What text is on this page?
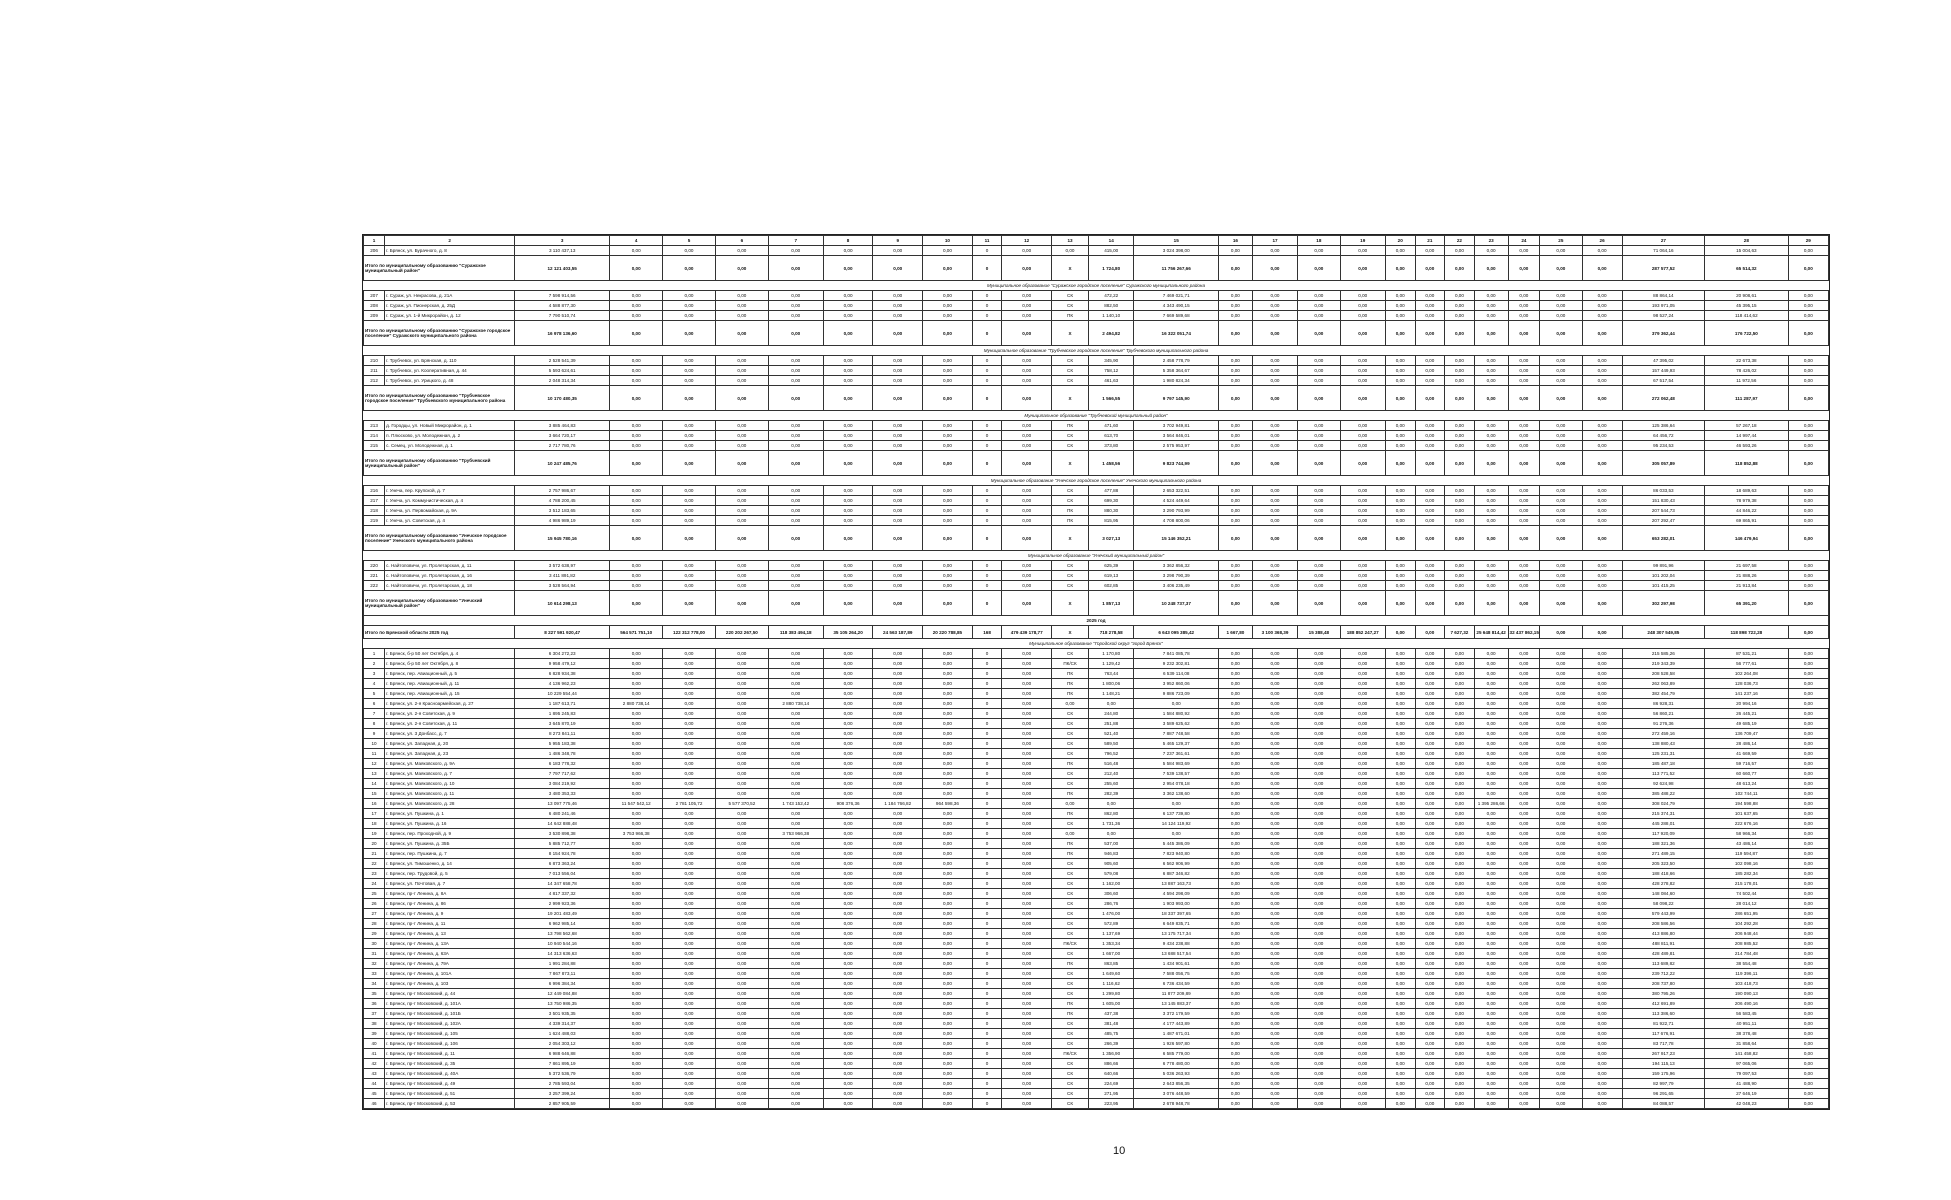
1	2	3	4	5	6	7	8	9	10	11	12	13	14	15	16	17	18	19	20	21	22	23	24	25	26	27	28	29
206	г. Брянск, ул. Бурачного, д. 8	3 110 437,13	0,00	0,00	0,00	0,00	0,00	0,00	0,00	0	0,00	0,00	415,00	3 024 398,00	0,00	0,00	0,00	0,00	0,00	0,00	0,00	0,00	0,00	0,00	0,00	71 064,16	15 004,63	0,00
Итого по муниципальному образованию "Суражское муниципальный район"		12 121 403,55	0,00	0,00	0,00	0,00	0,00	0,00	0,00	0	0,00	Х	1 724,80	11 756 267,66	0,00	0,00	0,00	0,00	0,00	0,00	0,00	0,00	0,00	0,00	0,00	287 577,52	65 514,32	0,00
Муниципальное образование "Суражское городское поселение" Суражского муниципального района																												
207	г. Сураж, ул. Некрасова, д. 21А	7 598 914,56	0,00	0,00	0,00	0,00	0,00	0,00	0,00	0	0,00	СК	472,22	7 469 021,71	0,00	0,00	0,00	0,00	0,00	0,00	0,00	0,00	0,00	0,00	0,00	88 864,14	20 908,61	0,00
208	г. Сураж, ул. Пионерская, д. 25Д	4 588 877,30	0,00	0,00	0,00	0,00	0,00	0,00	0,00	0	0,00	СК	882,50	4 343 490,15	0,00	0,00	0,00	0,00	0,00	0,00	0,00	0,00	0,00	0,00	0,00	193 971,05	45 395,15	0,00
209	г. Сураж, ул. 1-й Микрорайон, д. 12	7 790 510,74	0,00	0,00	0,00	0,00	0,00	0,00	0,00	0	0,00	ПК	1 140,10	7 669 589,68	0,00	0,00	0,00	0,00	0,00	0,00	0,00	0,00	0,00	0,00	0,00	98 527,24	118 414,62	0,00
Итого по муниципальному образованию "Суражское городское поселение" Суражского муниципального района		16 978 136,60	0,00	0,00	0,00	0,00	0,00	0,00	0,00	0	0,00	Х	2 494,82	16 322 051,74	0,00	0,00	0,00	0,00	0,00	0,00	0,00	0,00	0,00	0,00	0,00	379 362,44	176 722,50	0,00
Муниципальное образование "Трубчевское городское поселение" Трубчевского муниципального района																												
210	г. Трубчевск, ул. Брянская, д. 110	2 528 541,39	0,00	0,00	0,00	0,00	0,00	0,00	0,00	0	0,00	СК	345,90	2 458 778,79	0,00	0,00	0,00	0,00	0,00	0,00	0,00	0,00	0,00	0,00	0,00	47 395,02	22 673,38	0,00
211	г. Трубчевск, ул. Кооперативная, д. 44	5 593 624,61	0,00	0,00	0,00	0,00	0,00	0,00	0,00	0	0,00	СК	758,12	5 358 364,67	0,00	0,00	0,00	0,00	0,00	0,00	0,00	0,00	0,00	0,00	0,00	157 449,93	78 426,02	0,00
212	г. Трубчевск, ул. Урицкого, д. 48	2 048 314,34	0,00	0,00	0,00	0,00	0,00	0,00	0,00	0	0,00	СК	461,63	1 980 824,34	0,00	0,00	0,00	0,00	0,00	0,00	0,00	0,00	0,00	0,00	0,00	67 517,54	11 972,56	0,00
Итого по муниципальному образованию "Трубчевское городское поселение" Трубчевского муниципального района		10 170 480,35	0,00	0,00	0,00	0,00	0,00	0,00	0,00	0	0,00	Х	1 566,55	9 797 145,90	0,00	0,00	0,00	0,00	0,00	0,00	0,00	0,00	0,00	0,00	0,00	272 062,48	111 287,97	0,00
Муниципальное образование "Трубчевский муниципальный район"																												
213	д. Городцы, ул. Новый Микрорайон, д. 1	3 885 464,83	0,00	0,00	0,00	0,00	0,00	0,00	0,00	0	0,00	ПК	471,60	3 702 949,81	0,00	0,00	0,00	0,00	0,00	0,00	0,00	0,00	0,00	0,00	0,00	125 386,64	57 267,18	0,00
214	п. Плюсково, ул. Молодежная, д. 2	3 664 720,17	0,00	0,00	0,00	0,00	0,00	0,00	0,00	0	0,00	СК	613,70	3 564 846,01	0,00	0,00	0,00	0,00	0,00	0,00	0,00	0,00	0,00	0,00	0,00	64 456,72	14 997,44	0,00
215	с. Семец, ул. Молодежная, д. 1	2 717 780,76	0,00	0,00	0,00	0,00	0,00	0,00	0,00	0	0,00	СК	373,80	2 575 953,97	0,00	0,00	0,00	0,00	0,00	0,00	0,00	0,00	0,00	0,00	0,00	95 234,53	46 593,26	0,00
Итого по муниципальному образованию "Трубчевский муниципальный район"		10 247 485,76	0,00	0,00	0,00	0,00	0,00	0,00	0,00	0	0,00	Х	1 458,56	9 823 744,99	0,00	0,00	0,00	0,00	0,00	0,00	0,00	0,00	0,00	0,00	0,00	305 057,89	118 852,88	0,00
Муниципальное образование "Унечское городское поселение" Унечского муниципального района																												
216	г. Унеча, пер. Крупской, д. 7	2 757 986,67	0,00	0,00	0,00	0,00	0,00	0,00	0,00	0	0,00	СК	477,88	2 653 322,51	0,00	0,00	0,00	0,00	0,00	0,00	0,00	0,00	0,00	0,00	0,00	86 033,53	18 689,63	0,00
217	г. Унеча, ул. Коммунистическая, д. 4	4 788 200,45	0,00	0,00	0,00	0,00	0,00	0,00	0,00	0	0,00	СК	699,30	4 524 449,64	0,00	0,00	0,00	0,00	0,00	0,00	0,00	0,00	0,00	0,00	0,00	151 830,43	78 979,38	0,00
218	г. Унеча, ул. Первомайская, д. 9А	3 512 183,65	0,00	0,00	0,00	0,00	0,00	0,00	0,00	0	0,00	ПК	880,30	3 290 793,99	0,00	0,00	0,00	0,00	0,00	0,00	0,00	0,00	0,00	0,00	0,00	207 544,73	44 846,22	0,00
219	г. Унеча, ул. Советская, д. 4	4 986 989,19	0,00	0,00	0,00	0,00	0,00	0,00	0,00	0	0,00	ПК	815,95	4 708 800,06	0,00	0,00	0,00	0,00	0,00	0,00	0,00	0,00	0,00	0,00	0,00	207 292,47	69 865,91	0,00
Итого по муниципальному образованию "Унечское городское поселение" Унечского муниципального района		15 945 780,16	0,00	0,00	0,00	0,00	0,00	0,00	0,00	0	0,00	Х	3 027,13	15 146 352,21	0,00	0,00	0,00	0,00	0,00	0,00	0,00	0,00	0,00	0,00	0,00	653 282,01	146 479,94	0,00
Муниципальное образование "Унечский муниципальный район"																												
220	с. Найтоповичи, ул. Пролетарская, д. 11	3 572 638,97	0,00	0,00	0,00	0,00	0,00	0,00	0,00	0	0,00	СК	625,39	3 362 856,32	0,00	0,00	0,00	0,00	0,00	0,00	0,00	0,00	0,00	0,00	0,00	99 891,96	21 697,58	0,00
221	с. Найтоповичи, ул. Пролетарская, д. 16	3 411 891,82	0,00	0,00	0,00	0,00	0,00	0,00	0,00	0	0,00	СК	619,13	3 298 790,39	0,00	0,00	0,00	0,00	0,00	0,00	0,00	0,00	0,00	0,00	0,00	101 202,04	21 888,26	0,00
222	с. Найтоповичи, ул. Пролетарская, д. 18	3 528 564,94	0,00	0,00	0,00	0,00	0,00	0,00	0,00	0	0,00	СК	602,85	3 406 235,49	0,00	0,00	0,00	0,00	0,00	0,00	0,00	0,00	0,00	0,00	0,00	101 415,25	21 913,84	0,00
Итого по муниципальному образованию "Унечский муниципальный район"		10 614 298,13	0,00	0,00	0,00	0,00	0,00	0,00	0,00	0	0,00	Х	1 857,13	10 248 737,37	0,00	0,00	0,00	0,00	0,00	0,00	0,00	0,00	0,00	0,00	0,00	302 297,98	65 391,20	0,00
2025 год																												
Итого по Брянской области 2025 год		8 227 591 920,47	564 571 751,10	122 312 778,00	220 202 267,50	118 383 494,18	35 105 264,20	24 563 187,89	20 220 788,85	168	479 439 178,77	Х	718 278,58	6 643 095 385,42	1 667,80	3 100 368,39	15 388,48	188 852 247,27	0,00	0,00	7 627,32	25 648 814,42	32 437 862,15	0,00	0,00	248 307 549,85	118 898 722,28	0,00
Муниципальное образование "Городской округ "город Брянск"																												
1	г. Брянск, б-р 50 лет Октября, д. 4	6 304 272,23	0,00	0,00	0,00	0,00	0,00	0,00	0,00	0	0,00	СК	1 170,80	7 841 085,78	0,00	0,00	0,00	0,00	0,00	0,00	0,00	0,00	0,00	0,00	0,00	215 585,26	87 531,21	0,00
2	г. Брянск, б-р 50 лет Октября, д. 8	9 958 479,12	0,00	0,00	0,00	0,00	0,00	0,00	0,00	0	0,00	ПК/СК	1 129,42	9 232 302,81	0,00	0,00	0,00	0,00	0,00	0,00	0,00	0,00	0,00	0,00	0,00	219 343,39	56 777,61	0,00
3	г. Брянск, пер. Авиационный, д. 5	6 828 934,38	0,00	0,00	0,00	0,00	0,00	0,00	0,00	0	0,00	ПК	763,44	6 539 114,08	0,00	0,00	0,00	0,00	0,00	0,00	0,00	0,00	0,00	0,00	0,00	208 528,58	102 264,08	0,00
4	г. Брянск, пер. Авиационный, д. 11	4 136 962,23	0,00	0,00	0,00	0,00	0,00	0,00	0,00	0	0,00	ПК	1 800,06	3 952 860,06	0,00	0,00	0,00	0,00	0,00	0,00	0,00	0,00	0,00	0,00	0,00	262 063,89	128 036,73	0,00
5	г. Брянск, пер. Авиационный, д. 15	10 229 554,44	0,00	0,00	0,00	0,00	0,00	0,00	0,00	0	0,00	ПК	1 148,21	9 886 723,09	0,00	0,00	0,00	0,00	0,00	0,00	0,00	0,00	0,00	0,00	0,00	382 454,79	141 237,16	0,00
6	г. Брянск, ул. 2-я Красноармейская, д. 27	1 187 613,71	2 880 738,14	0,00	0,00	2 880 738,14	0,00	0,00	0,00	0	0,00	0,00	0,00	0,00	0,00	0,00	0,00	0,00	0,00	0,00	0,00	0,00	0,00	0,00	0,00	86 928,31	20 994,16	0,00
7	г. Брянск, ул. 2-я Советская, д. 9	1 895 245,83	0,00	0,00	0,00	0,00	0,00	0,00	0,00	0	0,00	СК	244,80	1 584 880,92	0,00	0,00	0,00	0,00	0,00	0,00	0,00	0,00	0,00	0,00	0,00	56 860,21	26 445,21	0,00
8	г. Брянск, ул. 2-я Советская, д. 11	3 645 870,19	0,00	0,00	0,00	0,00	0,00	0,00	0,00	0	0,00	СК	251,88	3 589 625,62	0,00	0,00	0,00	0,00	0,00	0,00	0,00	0,00	0,00	0,00	0,00	91 276,36	49 685,19	0,00
9	г. Брянск, ул. 3 Донбасс, д. 7	8 273 841,11	0,00	0,00	0,00	0,00	0,00	0,00	0,00	0	0,00	СК	521,40	7 887 748,58	0,00	0,00	0,00	0,00	0,00	0,00	0,00	0,00	0,00	0,00	0,00	272 459,16	136 709,47	0,00
10	г. Брянск, ул. Западная, д. 20	5 955 183,38	0,00	0,00	0,00	0,00	0,00	0,00	0,00	0	0,00	СК	589,50	5 465 129,37	0,00	0,00	0,00	0,00	0,00	0,00	0,00	0,00	0,00	0,00	0,00	138 880,43	28 486,14	0,00
11	г. Брянск, ул. Западная, д. 23	1 486 348,78	0,00	0,00	0,00	0,00	0,00	0,00	0,00	0	0,00	СК	796,52	7 237 361,61	0,00	0,00	0,00	0,00	0,00	0,00	0,00	0,00	0,00	0,00	0,00	125 231,31	41 669,59	0,00
12	г. Брянск, ул. Маяковского, д. 9А	6 183 778,32	0,00	0,00	0,00	0,00	0,00	0,00	0,00	0	0,00	ПК	516,48	5 584 983,69	0,00	0,00	0,00	0,00	0,00	0,00	0,00	0,00	0,00	0,00	0,00	185 487,18	59 716,57	0,00
13	г. Брянск, ул. Маяковского, д. 7	7 797 717,62	0,00	0,00	0,00	0,00	0,00	0,00	0,00	0	0,00	СК	212,40	7 539 138,57	0,00	0,00	0,00	0,00	0,00	0,00	0,00	0,00	0,00	0,00	0,00	113 771,52	60 660,77	0,00
14	г. Брянск, ул. Маяковского, д. 10	3 084 219,92	0,00	0,00	0,00	0,00	0,00	0,00	0,00	0	0,00	СК	255,60	2 954 078,18	0,00	0,00	0,00	0,00	0,00	0,00	0,00	0,00	0,00	0,00	0,00	92 624,98	48 613,24	0,00
15	г. Брянск, ул. Маяковского, д. 11	3 480 353,33	0,00	0,00	0,00	0,00	0,00	0,00	0,00	0	0,00	ПК	282,39	3 362 138,60	0,00	0,00	0,00	0,00	0,00	0,00	0,00	0,00	0,00	0,00	0,00	385 488,22	102 744,11	0,00
16	г. Брянск, ул. Маяковского, д. 28	13 097 775,46	11 547 542,12	2 781 105,72	5 577 370,52	1 743 152,42	908 376,36	1 184 766,82	964 598,36	0	0,00	0,00	0,00	0,00	0,00	0,00	0,00	0,00	0,00	0,00	0,00	1 395 286,66	0,00	0,00	0,00	308 024,79	194 598,88	0,00
17	г. Брянск, ул. Пушкина, д. 1	6 480 241,46	0,00	0,00	0,00	0,00	0,00	0,00	0,00	0	0,00	ПК	862,80	6 137 739,80	0,00	0,00	0,00	0,00	0,00	0,00	0,00	0,00	0,00	0,00	0,00	215 374,31	101 637,65	0,00
18	г. Брянск, ул. Пушкина, д. 16	14 642 888,48	0,00	0,00	0,00	0,00	0,00	0,00	0,00	0	0,00	СК	1 731,36	14 124 119,92	0,00	0,00	0,00	0,00	0,00	0,00	0,00	0,00	0,00	0,00	0,00	445 288,01	222 676,16	0,00
19	г. Брянск, пер. Проходной, д. 9	3 530 898,38	3 753 966,38	0,00	0,00	3 753 966,38	0,00	0,00	0,00	0	0,00	0,00	0,00	0,00	0,00	0,00	0,00	0,00	0,00	0,00	0,00	0,00	0,00	0,00	0,00	117 920,09	58 966,34	0,00
20	г. Брянск, ул. Пушкина, д. 35Б	5 885 712,77	0,00	0,00	0,00	0,00	0,00	0,00	0,00	0	0,00	ПК	537,00	5 445 386,09	0,00	0,00	0,00	0,00	0,00	0,00	0,00	0,00	0,00	0,00	0,00	188 321,36	43 486,14	0,00
21	г. Брянск, пер. Пушкина, д. 7	8 154 924,78	0,00	0,00	0,00	0,00	0,00	0,00	0,00	0	0,00	ПК	946,83	7 823 940,80	0,00	0,00	0,00	0,00	0,00	0,00	0,00	0,00	0,00	0,00	0,00	271 489,15	119 594,87	0,00
22	г. Брянск, ул. Тимошенко, д. 14	6 873 363,24	0,00	0,00	0,00	0,00	0,00	0,00	0,00	0	0,00	СК	905,60	6 562 906,99	0,00	0,00	0,00	0,00	0,00	0,00	0,00	0,00	0,00	0,00	0,00	205 323,50	102 098,16	0,00
23	г. Брянск, пер. Трудовой, д. 5	7 013 556,04	0,00	0,00	0,00	0,00	0,00	0,00	0,00	0	0,00	СК	579,08	6 887 346,82	0,00	0,00	0,00	0,00	0,00	0,00	0,00	0,00	0,00	0,00	0,00	188 418,66	185 282,34	0,00
24	г. Брянск, ул. Почтовая, д. 7	14 347 658,78	0,00	0,00	0,00	0,00	0,00	0,00	0,00	0	0,00	СК	1 162,00	13 887 163,73	0,00	0,00	0,00	0,00	0,00	0,00	0,00	0,00	0,00	0,00	0,00	428 278,82	215 178,01	0,00
25	г. Брянск, пр-т Ленина, д. 8А	4 817 337,32	0,00	0,00	0,00	0,00	0,00	0,00	0,00	0	0,00	СК	306,60	4 594 298,09	0,00	0,00	0,00	0,00	0,00	0,00	0,00	0,00	0,00	0,00	0,00	148 084,60	74 502,44	0,00
26	г. Брянск, пр-т Ленина, д. 86	2 999 923,36	0,00	0,00	0,00	0,00	0,00	0,00	0,00	0	0,00	СК	286,76	1 903 993,00	0,00	0,00	0,00	0,00	0,00	0,00	0,00	0,00	0,00	0,00	0,00	58 098,22	28 014,12	0,00
27	г. Брянск, пр-т Ленина, д. 9	19 201 483,49	0,00	0,00	0,00	0,00	0,00	0,00	0,00	0	0,00	СК	1 476,00	18 337 397,65	0,00	0,00	0,00	0,00	0,00	0,00	0,00	0,00	0,00	0,00	0,00	579 443,99	286 651,95	0,00
28	г. Брянск, пр-т Ленина, д. 11	6 962 985,14	0,00	0,00	0,00	0,00	0,00	0,00	0,00	0	0,00	СК	572,89	6 649 835,71	0,00	0,00	0,00	0,00	0,00	0,00	0,00	0,00	0,00	0,00	0,00	208 586,56	104 292,28	0,00
29	г. Брянск, пр-т Ленина, д. 13	13 798 562,68	0,00	0,00	0,00	0,00	0,00	0,00	0,00	0	0,00	СК	1 137,69	13 175 717,34	0,00	0,00	0,00	0,00	0,00	0,00	0,00	0,00	0,00	0,00	0,00	413 886,80	206 948,44	0,00
30	г. Брянск, пр-т Ленина, д. 13А	10 940 544,16	0,00	0,00	0,00	0,00	0,00	0,00	0,00	0	0,00	ПК/СК	1 353,34	9 434 238,88	0,00	0,00	0,00	0,00	0,00	0,00	0,00	0,00	0,00	0,00	0,00	488 811,91	208 985,52	0,00
31	г. Брянск, пр-т Ленина, д. 63А	14 313 636,63	0,00	0,00	0,00	0,00	0,00	0,00	0,00	0	0,00	СК	1 667,00	13 688 517,54	0,00	0,00	0,00	0,00	0,00	0,00	0,00	0,00	0,00	0,00	0,00	428 489,81	214 784,48	0,00
32	г. Брянск, пр-т Ленина, д. 79А	1 991 284,88	0,00	0,00	0,00	0,00	0,00	0,00	0,00	0	0,00	ПК	863,85	1 434 901,61	0,00	0,00	0,00	0,00	0,00	0,00	0,00	0,00	0,00	0,00	0,00	113 689,82	38 554,48	0,00
33	г. Брянск, пр-т Ленина, д. 101А	7 867 873,11	0,00	0,00	0,00	0,00	0,00	0,00	0,00	0	0,00	СК	1 649,60	7 588 056,75	0,00	0,00	0,00	0,00	0,00	0,00	0,00	0,00	0,00	0,00	0,00	239 712,22	119 396,11	0,00
34	г. Брянск, пр-т Ленина, д. 103	6 996 384,34	0,00	0,00	0,00	0,00	0,00	0,00	0,00	0	0,00	СК	1 116,62	6 736 434,59	0,00	0,00	0,00	0,00	0,00	0,00	0,00	0,00	0,00	0,00	0,00	208 737,80	103 418,73	0,00
35	г. Брянск, пр-т Московский, д. 44	12 449 084,88	0,00	0,00	0,00	0,00	0,00	0,00	0,00	0	0,00	СК	1 299,80	11 877 209,89	0,00	0,00	0,00	0,00	0,00	0,00	0,00	0,00	0,00	0,00	0,00	380 795,26	190 090,13	0,00
36	г. Брянск, пр-т Московский, д. 101А	13 750 986,35	0,00	0,00	0,00	0,00	0,00	0,00	0,00	0	0,00	ПК	1 605,00	13 145 883,37	0,00	0,00	0,00	0,00	0,00	0,00	0,00	0,00	0,00	0,00	0,00	412 691,89	206 490,16	0,00
37	г. Брянск, пр-т Московский, д. 101Б	3 501 935,35	0,00	0,00	0,00	0,00	0,00	0,00	0,00	0	0,00	ПК	437,38	3 372 179,59	0,00	0,00	0,00	0,00	0,00	0,00	0,00	0,00	0,00	0,00	0,00	113 386,60	56 583,45	0,00
38	г. Брянск, пр-т Московский, д. 102А	4 339 314,37	0,00	0,00	0,00	0,00	0,00	0,00	0,00	0	0,00	СК	381,48	4 177 443,89	0,00	0,00	0,00	0,00	0,00	0,00	0,00	0,00	0,00	0,00	0,00	81 922,71	40 951,11	0,00
39	г. Брянск, пр-т Московский, д. 105	1 624 488,03	0,00	0,00	0,00	0,00	0,00	0,00	0,00	0	0,00	СК	485,75	1 487 671,01	0,00	0,00	0,00	0,00	0,00	0,00	0,00	0,00	0,00	0,00	0,00	117 676,91	38 378,48	0,00
40	г. Брянск, пр-т Московский, д. 106	2 054 303,12	0,00	0,00	0,00	0,00	0,00	0,00	0,00	0	0,00	СК	266,39	1 926 597,80	0,00	0,00	0,00	0,00	0,00	0,00	0,00	0,00	0,00	0,00	0,00	83 717,78	31 858,64	0,00
41	г. Брянск, пр-т Московский, д. 11	6 988 646,88	0,00	0,00	0,00	0,00	0,00	0,00	0,00	0	0,00	ПК/СК	1 356,90	6 585 779,00	0,00	0,00	0,00	0,00	0,00	0,00	0,00	0,00	0,00	0,00	0,00	267 917,23	141 458,82	0,00
42	г. Брянск, пр-т Московский, д. 35	7 861 895,19	0,00	0,00	0,00	0,00	0,00	0,00	0,00	0	0,00	СК	886,66	6 778 480,00	0,00	0,00	0,00	0,00	0,00	0,00	0,00	0,00	0,00	0,00	0,00	194 115,13	97 065,06	0,00
43	г. Брянск, пр-т Московский, д. 40А	5 372 536,79	0,00	0,00	0,00	0,00	0,00	0,00	0,00	0	0,00	СК	640,66	5 036 263,93	0,00	0,00	0,00	0,00	0,00	0,00	0,00	0,00	0,00	0,00	0,00	159 175,96	79 097,53	0,00
44	г. Брянск, пр-т Московский, д. 49	2 785 593,04	0,00	0,00	0,00	0,00	0,00	0,00	0,00	0	0,00	СК	224,69	2 643 856,35	0,00	0,00	0,00	0,00	0,00	0,00	0,00	0,00	0,00	0,00	0,00	82 997,79	41 488,90	0,00
45	г. Брянск, пр-т Московский, д. 51	3 257 399,24	0,00	0,00	0,00	0,00	0,00	0,00	0,00	0	0,00	СК	271,95	3 076 448,59	0,00	0,00	0,00	0,00	0,00	0,00	0,00	0,00	0,00	0,00	0,00	96 291,65	27 646,19	0,00
46	г. Брянск, пр-т Московский, д. 53	2 857 905,59	0,00	0,00	0,00	0,00	0,00	0,00	0,00	0	0,00	СК	223,95	2 678 948,78	0,00	0,00	0,00	0,00	0,00	0,00	0,00	0,00	0,00	0,00	0,00	84 088,57	42 048,23	0,00
10
